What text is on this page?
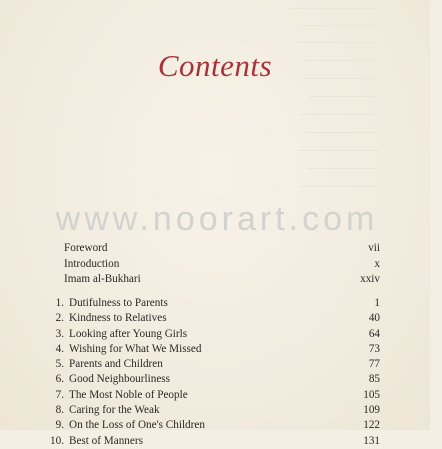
Contents
Foreword	vii
Introduction	x
Imam al-Bukhari	xxiv
1. Dutifulness to Parents	1
2. Kindness to Relatives	40
3. Looking after Young Girls	64
4. Wishing for What We Missed	73
5. Parents and Children	77
6. Good Neighbourliness	85
7. The Most Noble of People	105
8. Caring for the Weak	109
9. On the Loss of One's Children	122
10. Best of Manners	131
www.noorart.com
